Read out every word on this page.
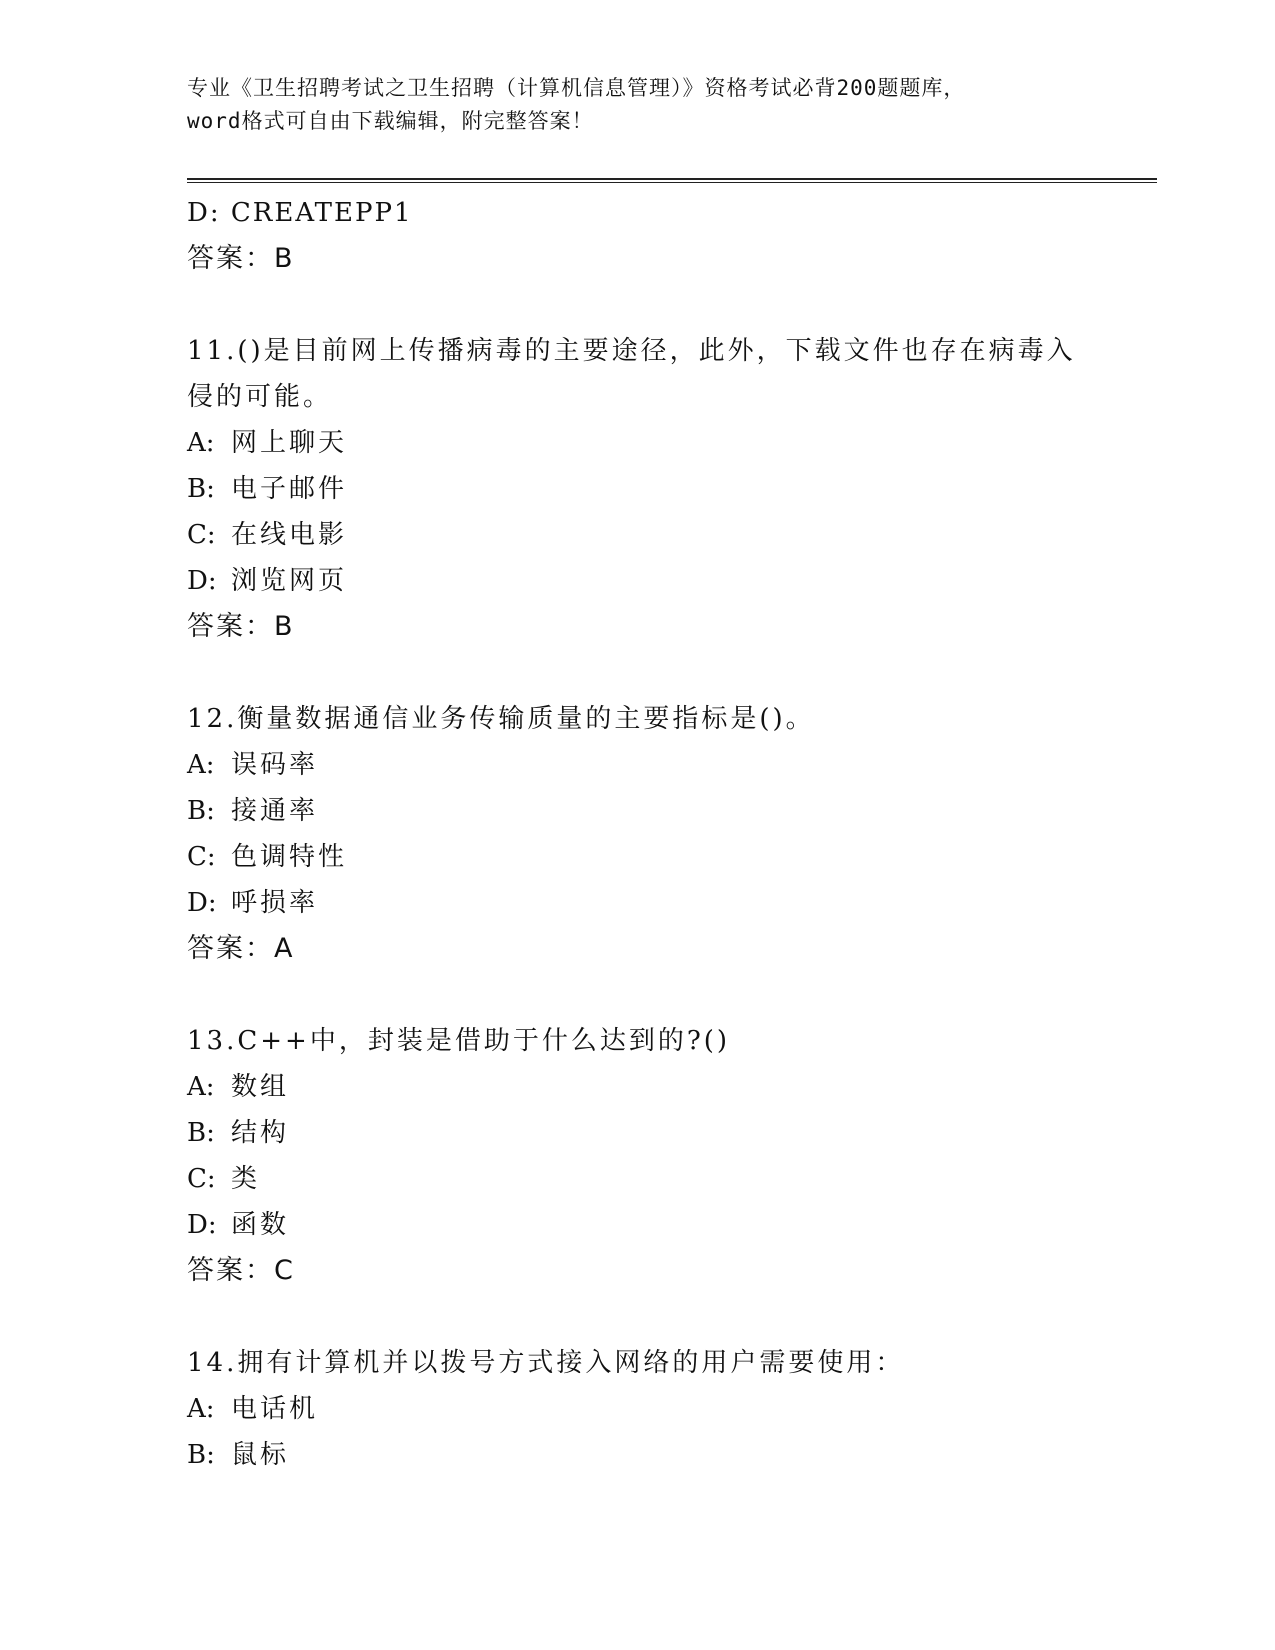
专业《卫生招聘考试之卫生招聘（计算机信息管理）》资格考试必背200题题库，
word格式可自由下载编辑，附完整答案！
D: CREATEPP1
答案：B
11.()是目前网上传播病毒的主要途径，此外，下载文件也存在病毒入侵的可能。
A: 网上聊天
B: 电子邮件
C: 在线电影
D: 浏览网页
答案：B
12.衡量数据通信业务传输质量的主要指标是()。
A: 误码率
B: 接通率
C: 色调特性
D: 呼损率
答案：A
13.C++中，封装是借助于什么达到的?()
A: 数组
B: 结构
C: 类
D: 函数
答案：C
14.拥有计算机并以拨号方式接入网络的用户需要使用：
A: 电话机
B: 鼠标
